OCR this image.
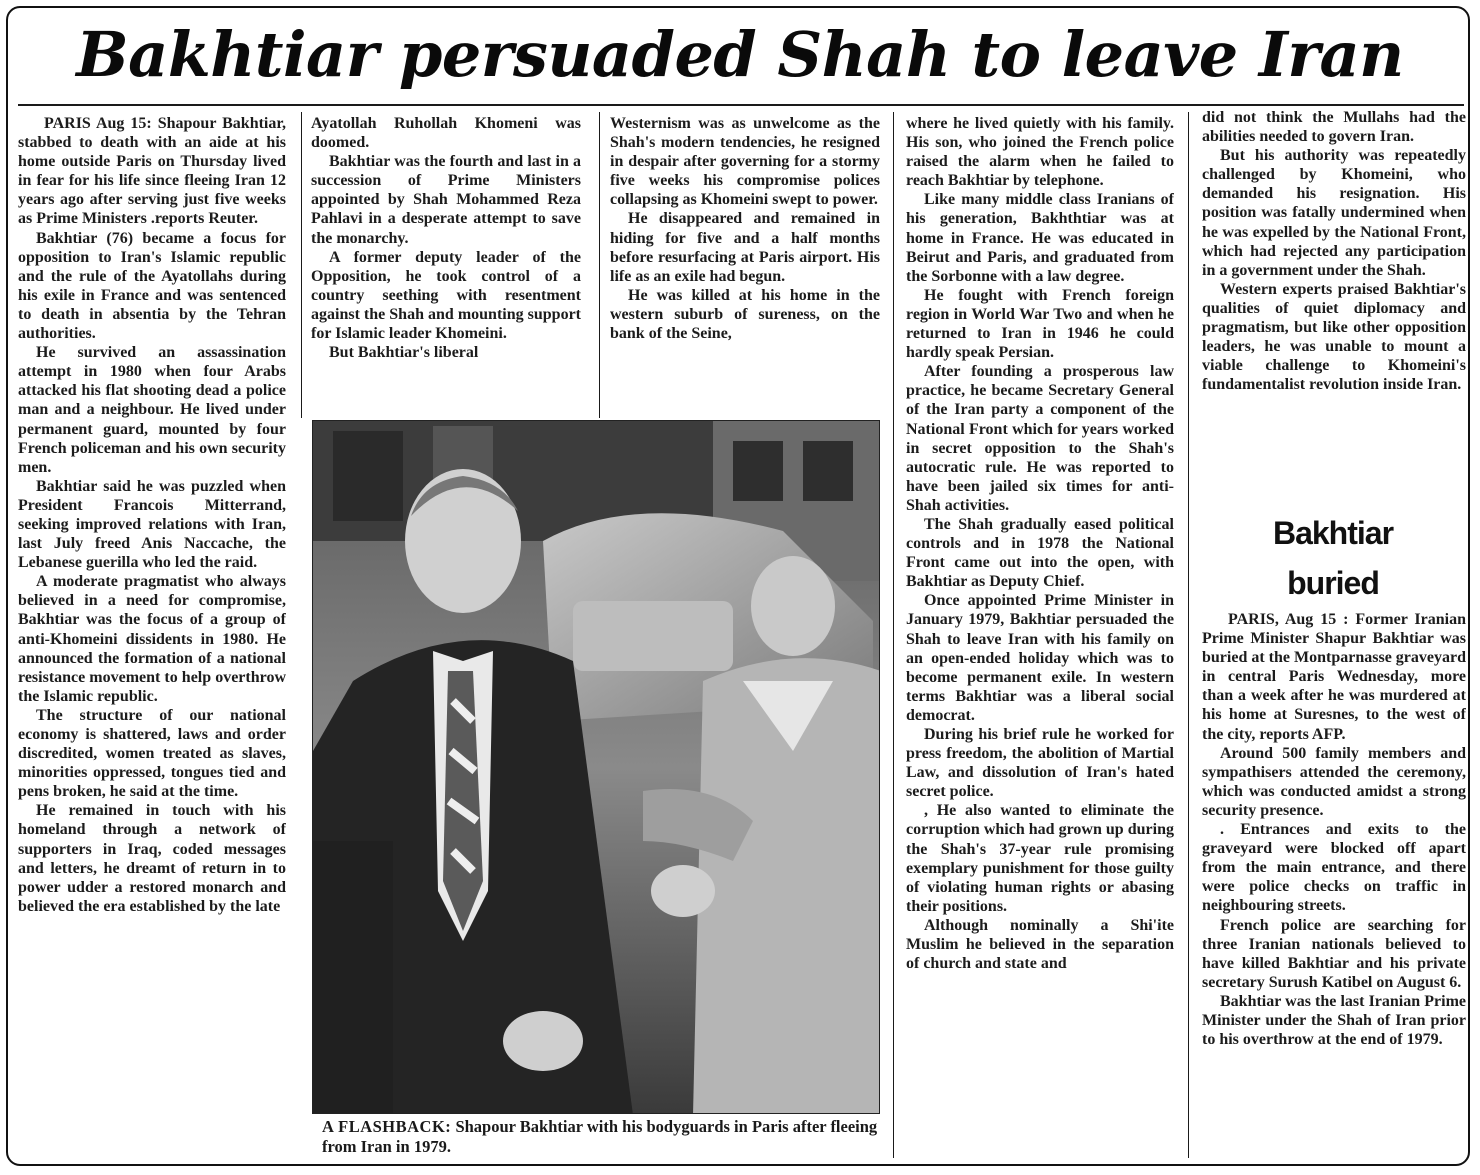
Bakhtiar persuaded Shah to leave Iran

PARIS Aug 15: Shapour Bakhtiar, stabbed to death with an aide at his home outside Paris on Thursday lived in fear for his life since fleeing Iran 12 years ago after serving just five weeks as Prime Ministers .reports Reuter.

Bakhtiar (76) became a focus for opposition to Iran's Islamic republic and the rule of the Ayatollahs during his exile in France and was sentenced to death in absentia by the Tehran authorities.

He survived an assassination attempt in 1980 when four Arabs attacked his flat shooting dead a police man and a neighbour. He lived under permanent guard, mounted by four French policeman and his own security men.

Bakhtiar said he was puzzled when President Francois Mitterrand, seeking improved relations with Iran, last July freed Anis Naccache, the Lebanese guerilla who led the raid.

A moderate pragmatist who always believed in a need for compromise, Bakhtiar was the focus of a group of anti-Khomeini dissidents in 1980. He announced the formation of a national resistance movement to help overthrow the Islamic republic.

The structure of our national economy is shattered, laws and order discredited, women treated as slaves, minorities oppressed, tongues tied and pens broken, he said at the time.

He remained in touch with his homeland through a network of supporters in Iraq, coded messages and letters, he dreamt of return in to power udder a restored monarch and believed the era established by the late

Ayatollah Ruhollah Khomeni was doomed.

Bakhtiar was the fourth and last in a succession of Prime Ministers appointed by Shah Mohammed Reza Pahlavi in a desperate attempt to save the monarchy.

A former deputy leader of the Opposition, he took control of a country seething with resentment against the Shah and mounting support for Islamic leader Khomeini.

But Bakhtiar's liberal

Westernism was as unwelcome as the Shah's modern tendencies, he resigned in despair after governing for a stormy five weeks his compromise polices collapsing as Khomeini swept to power.

He disappeared and remained in hiding for five and a half months before resurfacing at Paris airport. His life as an exile had begun.

He was killed at his home in the western suburb of sureness, on the bank of the Seine,

where he lived quietly with his family. His son, who joined the French police raised the alarm when he failed to reach Bakhtiar by telephone.

Like many middle class Iranians of his generation, Bakhthtiar was at home in France. He was educated in Beirut and Paris, and graduated from the Sorbonne with a law degree.

He fought with French foreign region in World War Two and when he returned to Iran in 1946 he could hardly speak Persian.

After founding a prosperous law practice, he became Secretary General of the Iran party a component of the National Front which for years worked in secret opposition to the Shah's autocratic rule. He was reported to have been jailed six times for anti-Shah activities.

The Shah gradually eased political controls and in 1978 the National Front came out into the open, with Bakhtiar as Deputy Chief.

Once appointed Prime Minister in January 1979, Bakhtiar persuaded the Shah to leave Iran with his family on an open-ended holiday which was to become permanent exile. In western terms Bakhtiar was a liberal social democrat.

During his brief rule he worked for press freedom, the abolition of Martial Law, and dissolution of Iran's hated secret police.

, He also wanted to eliminate the corruption which had grown up during the Shah's 37-year rule promising exemplary punishment for those guilty of violating human rights or abasing their positions.

Although nominally a Shi'ite Muslim he believed in the separation of church and state and

did not think the Mullahs had the abilities needed to govern Iran.

But his authority was repeatedly challenged by Khomeini, who demanded his resignation. His position was fatally undermined when he was expelled by the National Front, which had rejected any participation in a government under the Shah.

Western experts praised Bakhtiar's qualities of quiet diplomacy and pragmatism, but like other opposition leaders, he was unable to mount a viable challenge to Khomeini's fundamentalist revolution inside Iran.

Bakhtiar
buried

PARIS, Aug 15 : Former Iranian Prime Minister Shapur Bakhtiar was buried at the Montparnasse graveyard in central Paris Wednesday, more than a week after he was murdered at his home at Suresnes, to the west of the city, reports AFP.

Around 500 family members and sympathisers attended the ceremony, which was conducted amidst a strong security presence.

. Entrances and exits to the graveyard were blocked off apart from the main entrance, and there were police checks on traffic in neighbouring streets.

French police are searching for three Iranian nationals believed to have killed Bakhtiar and his private secretary Surush Katibel on August 6.

Bakhtiar was the last Iranian Prime Minister under the Shah of Iran prior to his overthrow at the end of 1979.

A FLASHBACK: Shapour Bakhtiar with his bodyguards in Paris after fleeing from Iran in 1979.
